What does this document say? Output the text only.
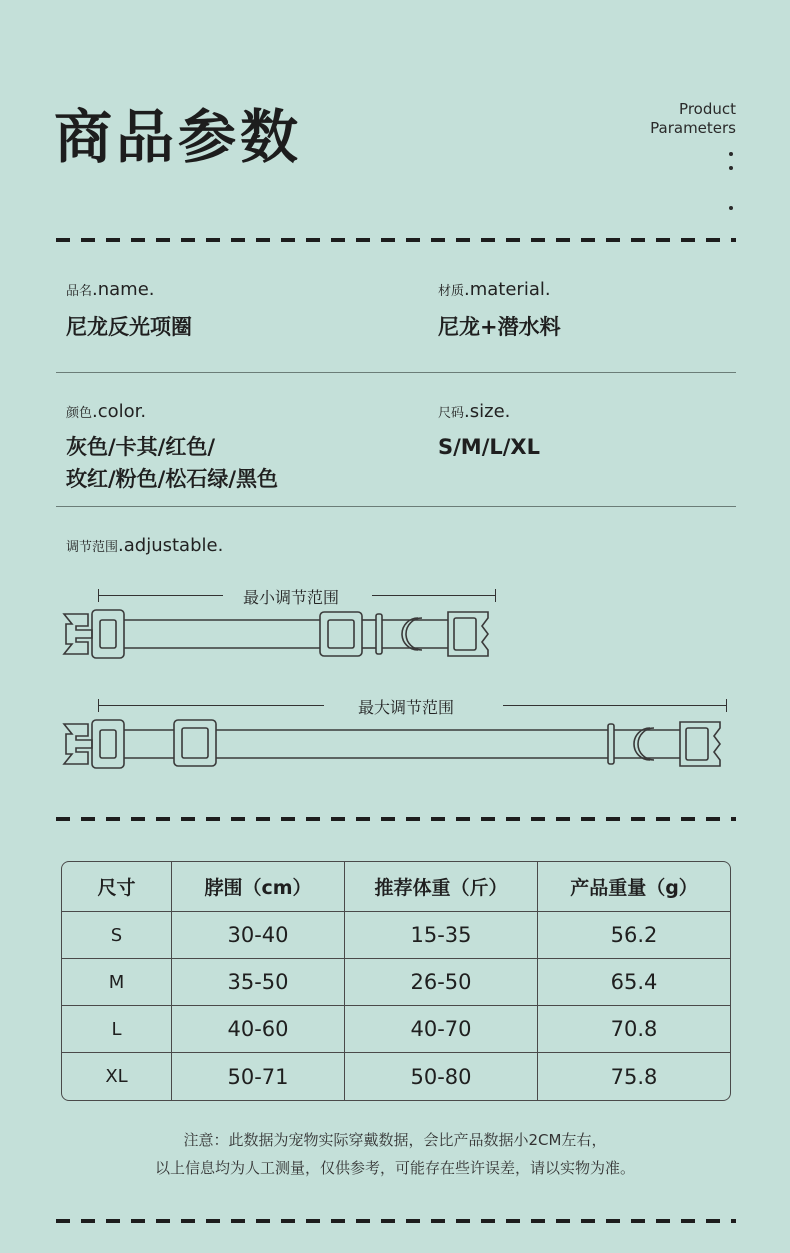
商品参数	Product
Parameters
品名.name.
尼龙反光项圈
材质.material.
尼龙+潜水料
颜色.color.
灰色/卡其/红色/
玫红/粉色/松石绿/黑色
尺码.size.
S/M/L/XL
调节范围.adjustable.
最小调节范围
最大调节范围
尺寸	脖围（cm）	推荐体重（斤）	产品重量（g）
S	30-40	15-35	56.2
M	35-50	26-50	65.4
L	40-60	40-70	70.8
XL	50-71	50-80	75.8
注意：此数据为宠物实际穿戴数据，会比产品数据小2CM左右，
以上信息均为人工测量，仅供参考，可能存在些许误差，请以实物为准。
